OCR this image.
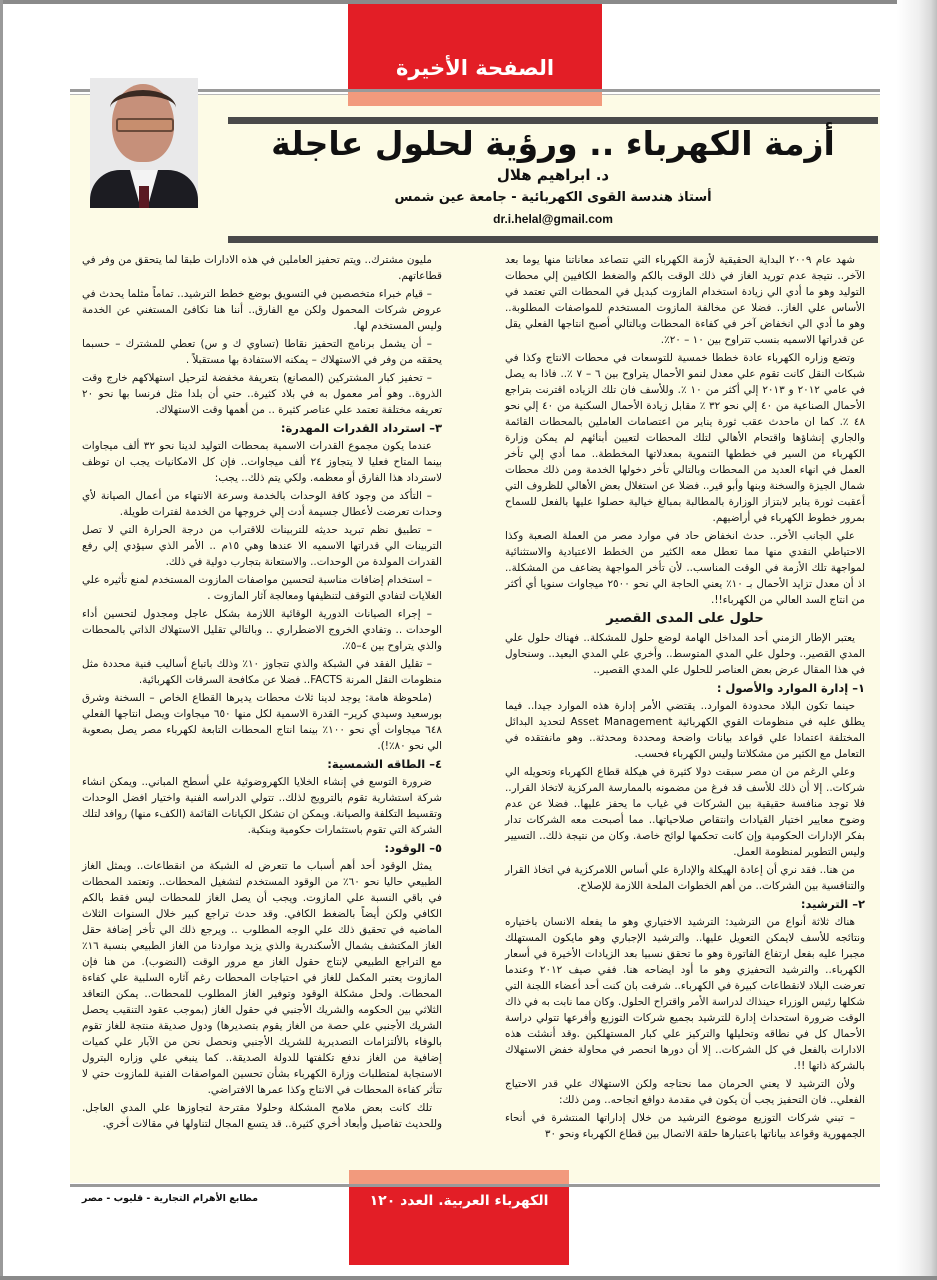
الصفحة الأخيرة
أزمة الكهرباء .. ورؤية لحلول عاجلة
د. ابراهيم هلال
أستاذ هندسة القوى الكهربائية - جامعة عين شمس
dr.i.helal@gmail.com

شهد عام ٢٠٠٩ البداية الحقيقية لأزمة الكهرباء التي تتصاعد معاناتنا منها يوما بعد الآخر.. نتيجة عدم توريد الغاز في ذلك الوقت بالكم والضغط الكافيين إلي محطات التوليد وهو ما أدي الي زيادة استخدام المازوت كبديل في المحطات التي تعتمد في الأساس علي الغاز.. فضلا عن مخالفة المازوت المستخدم للمواصفات المطلوبة.. وهو ما أدي الي انخفاض آخر في كفاءة المحطات وبالتالي أصبح انتاجها الفعلي يقل عن قدراتها الاسميه بنسب تتراوح بين ١٠ – ٢٠٪.

وتضع وزاره الكهرباء عادة خططا خمسية للتوسعات في محطات الانتاج وكذا في شبكات النقل كانت تقوم علي معدل لنمو الأحمال يتراوح بين ٦ – ٧ ٪.. فاذا به يصل في عامي ٢٠١٢ و ٢٠١٣ إلي أكثر من ١٠ ٪. وللأسف فان تلك الزياده اقترنت بتراجع الأحمال الصناعية من ٤٠ إلي نحو ٣٢ ٪ مقابل زيادة الأحمال السكنية من ٤٠ إلي نحو ٤٨ ٪. كما ان ماحدث عقب ثورة يناير من اعتصامات العاملين بالمحطات القائمة والجاري إنشاؤها واقتحام الأهالي لتلك المحطات لتعيين أبنائهم لم يمكن وزارة الكهرباء من السير في خططها التنموية بمعدلاتها المخططة.. مما أدي إلي تأخر العمل في انهاء العديد من المحطات وبالتالي تأخر دخولها الخدمة ومن ذلك محطات شمال الجيزة والسخنة وبنها وأبو قير.. فضلا عن استغلال بعض الأهالي للظروف التي أعقبت ثورة يناير لابتزاز الوزارة بالمطالبة بمبالغ خيالية حصلوا عليها بالفعل للسماح بمرور خطوط الكهرباء في أراضيهم.

علي الجانب الأخر.. حدث انخفاض حاد في موارد مصر من العملة الصعبة وكذا الاحتياطي النقدي منها مما تعطل معه الكثير من الخطط الاعتيادية والاستثنائية لمواجهة تلك الأزمة في الوقت المناسب.. لأن تأخر المواجهة يضاعف من المشكلة.. اذ أن معدل تزايد الأحمال بـ ١٠٪ يعني الحاجة الي نحو ٢٥٠٠ ميجاوات سنويا أي أكثر من انتاج السد العالي من الكهرباء!!.

حلول على المدى القصير

يعتبر الإطار الزمني أحد المداخل الهامة لوضع حلول للمشكلة.. فهناك حلول علي المدي القصير.. وحلول علي المدي المتوسط.. وأخري علي المدي البعيد.. وسنحاول في هذا المقال عرض بعض العناصر للحلول علي المدي القصير..

١– إدارة الموارد والأصول :

حينما تكون البلاد محدودة الموارد.. يقتضي الأمر إدارة هذه الموارد جيدا.. فيما يطلق عليه في منظومات القوي الكهربائية Asset Management لتحديد البدائل المختلفة اعتمادا علي قواعد بيانات واضحة ومحددة ومحدثة.. وهو مانفتقده في التعامل مع الكثير من مشكلاتنا وليس الكهرباء فحسب.

وعلي الرغم من ان مصر سبقت دولا كثيرة في هيكلة قطاع الكهرباء وتحويله الي شركات.. إلا أن ذلك للأسف قد فرغ من مضمونه بالممارسة المركزية لاتخاذ القرار.. فلا توجد منافسة حقيقية بين الشركات في غياب ما يحفز عليها.. فضلا عن عدم وضوح معايير اختيار القيادات وانتقاص صلاحياتها.. مما أصبحت معه الشركات تدار بفكر الإدارات الحكومية وإن كانت تحكمها لوائح خاصة. وكان من نتيجة ذلك.. التسيير وليس التطوير لمنظومة العمل.

من هنا.. فقد نري أن إعادة الهيكلة والإدارة علي أساس اللامركزية في اتخاذ القرار والتنافسية بين الشركات.. من أهم الخطوات الملحة اللازمة للإصلاح.

٢– الترشيد:

هناك ثلاثة أنواع من الترشيد: الترشيد الاختياري وهو ما يفعله الانسان باختياره ونتائجه للأسف لايمكن التعويل عليها.. والترشيد الإجباري وهو مايكون المستهلك مجبرا عليه بفعل ارتفاع الفاتورة وهو ما تحقق نسبيا بعد الزيادات الأخيرة في أسعار الكهرباء.. والترشيد التحفيزي وهو ما أود ايضاحه هنا. ففي صيف ٢٠١٢ وعندما تعرضت البلاد لانقطاعات كبيرة في الكهرباء.. شرفت بان كنت أحد أعضاء اللجنة التي شكلها رئيس الوزراء حينذاك لدراسة الأمر واقتراح الحلول. وكان مما نابت به في ذاك الوقت ضرورة استحداث إدارة للترشيد بجميع شركات التوزيع وأفرعها تتولي دراسة الأحمال كل في نطاقه وتحليلها والتركيز علي كبار المستهلكين .وقد أنشئت هذه الادارات بالفعل في كل الشركات.. إلا أن دورها انحصر في محاولة خفض الاستهلاك بالشركة ذاتها !!.

ولأن الترشيد لا يعني الحرمان مما نحتاجه ولكن الاستهلاك علي قدر الاحتياج الفعلي.. فان التحفيز يجب أن يكون في مقدمة دوافع انجاحه.. ومن ذلك:

– تبني شركات التوزيع موضوع الترشيد من خلال إداراتها المنتشرة في أنحاء الجمهورية وقواعد بياناتها باعتبارها حلقة الاتصال بين قطاع الكهرباء ونحو ٣٠

مليون مشترك.. ويتم تحفيز العاملين في هذه الادارات طبقا لما يتحقق من وفر في قطاعاتهم.

– قيام خبراء متخصصين في التسويق بوضع خطط الترشيد.. تماماً مثلما يحدث في عروض شركات المحمول ولكن مع الفارق.. أننا هنا نكافئ المستغني عن الخدمة وليس المستخدم لها.

– أن يشمل برنامج التحفيز نقاطا (تساوي ك و س) تعطي للمشترك – حسبما يحققه من وفر في الاستهلاك – يمكنه الاستفادة بها مستقبلاً .

– تحفيز كبار المشتركين (المصانع) بتعريفة مخفضة لترحيل استهلاكهم خارج وقت الذروة.. وهو أمر معمول به في بلاد كثيرة.. حتي أن بلدا مثل فرنسا بها نحو ٢٠ تعريفه مختلفة تعتمد علي عناصر كثيرة .. من أهمها وقت الاستهلاك.

٣– استرداد القدرات المهدرة:

عندما يكون مجموع القدرات الاسمية بمحطات التوليد لدينا نحو ٣٢ ألف ميجاوات بينما المتاح فعليا لا يتجاوز ٢٤ ألف ميجاوات.. فإن كل الامكانيات يجب ان توظف لاسترداد هذا الفارق أو معظمه. ولكي يتم ذلك.. يجب:

– التأكد من وجود كافة الوحدات بالخدمة وسرعة الانتهاء من أعمال الصيانة لأي وحدات تعرضت لأعطال جسيمة أدت إلي خروجها من الخدمة لفترات طويلة.

– تطبيق نظم تبريد حديثه للتربينات للاقتراب من درجة الحرارة التي لا تصل التربينات الي قدراتها الاسميه الا عندها وهي ١٥م .. الأمر الذي سيؤدي إلي رفع القدرات المولدة من الوحدات.. والاستعانة بتجارب دولية في ذلك.

– استخدام إضافات مناسبة لتحسين مواصفات المازوت المستخدم لمنع تأثيره علي الغلايات لتفادي التوقف لتنظيفها ومعالجة آثار المازوت .

– إجراء الصيانات الدورية الوقائية اللازمة بشكل عاجل ومجدول لتحسين أداء الوحدات .. وتفادي الخروج الاضطراري .. وبالتالي تقليل الاستهلاك الذاتي بالمحطات والذي يتراوح بين ٤–٥٪.

– تقليل الفقد في الشبكة والذي تتجاوز ١٠٪ وذلك باتباع أساليب فنية محددة مثل منظومات النقل المرنة FACTS.. فضلا عن مكافحة السرقات الكهربائية.

(ملحوظة هامة: يوجد لدينا ثلاث محطات يديرها القطاع الخاص – السخنة وشرق بورسعيد وسيدي كرير– القدرة الاسمية لكل منها ٦٥٠ ميجاوات ويصل انتاجها الفعلي ٦٤٨ ميجاوات أي نحو ١٠٠٪ بينما انتاج المحطات التابعة لكهرباء مصر يصل بصعوبة الي نحو ٨٠٪!).

٤– الطاقه الشمسية:

ضرورة التوسع في إنشاء الخلايا الكهروضوئية علي أسطح المباني.. ويمكن انشاء شركة استشارية تقوم بالترويج لذلك.. تتولي الدراسه الفنية واختيار افضل الوحدات وتقسيط التكلفة والصيانة. ويمكن ان تشكل الكيانات القائمة (الكفء منها) روافد لتلك الشركة التي تقوم باستثمارات حكومية وبنكية.

٥– الوقود:

يمثل الوقود أحد أهم أسباب ما تتعرض له الشبكة من انقطاعات.. ويمثل الغاز الطبيعي حاليا نحو ٦٠٪ من الوقود المستخدم لتشغيل المحطات.. وتعتمد المحطات في باقي النسبة علي المازوت. ويجب أن يصل الغاز للمحطات ليس فقط بالكم الكافي ولكن أيضاً بالضغط الكافي. وقد حدث تراجع كبير خلال السنوات الثلاث الماضيه في تحقيق ذلك علي الوجه المطلوب .. ويرجع ذلك الي تأخر إضافة حقل الغاز المكتشف بشمال الأسكندرية والذي يزيد مواردنا من الغاز الطبيعي بنسبة ١٦٪ مع التراجع الطبيعي لإنتاج حقول الغاز مع مرور الوقت (النضوب). من هنا فإن المازوت يعتبر المكمل للغاز في احتياجات المحطات رغم آثاره السلبية علي كفاءة المحطات. ولحل مشكلة الوقود وتوفير الغاز المطلوب للمحطات.. يمكن التعاقد الثلاثي بين الحكومه والشريك الأجنبي في حقول الغاز (بموجب عقود التنقيب يحصل الشريك الأجنبي علي حصة من الغاز يقوم بتصديرها) ودول صديقة منتجة للغاز تقوم بالوفاء بالألتزامات التصديرية للشريك الأجنبي ونحصل نحن من الآبار علي كميات إضافية من الغاز ندفع تكلفتها للدولة الصديقة.. كما ينبغي علي وزاره البترول الاستجابة لمتطلبات وزارة الكهرباء بشأن تحسين المواصفات الفنية للمازوت حتي لا تتأثر كفاءة المحطات في الانتاج وكذا عمرها الافتراضي.

تلك كانت بعض ملامح المشكلة وحلولا مقترحة لتجاوزها علي المدي العاجل. وللحديث تفاصيل وأبعاد أخري كثيرة.. قد يتسع المجال لتناولها في مقالات أخري.

الكهرباء العربية. العدد ١٢٠
مطابع الأهرام التجارية - قليوب - مصر
